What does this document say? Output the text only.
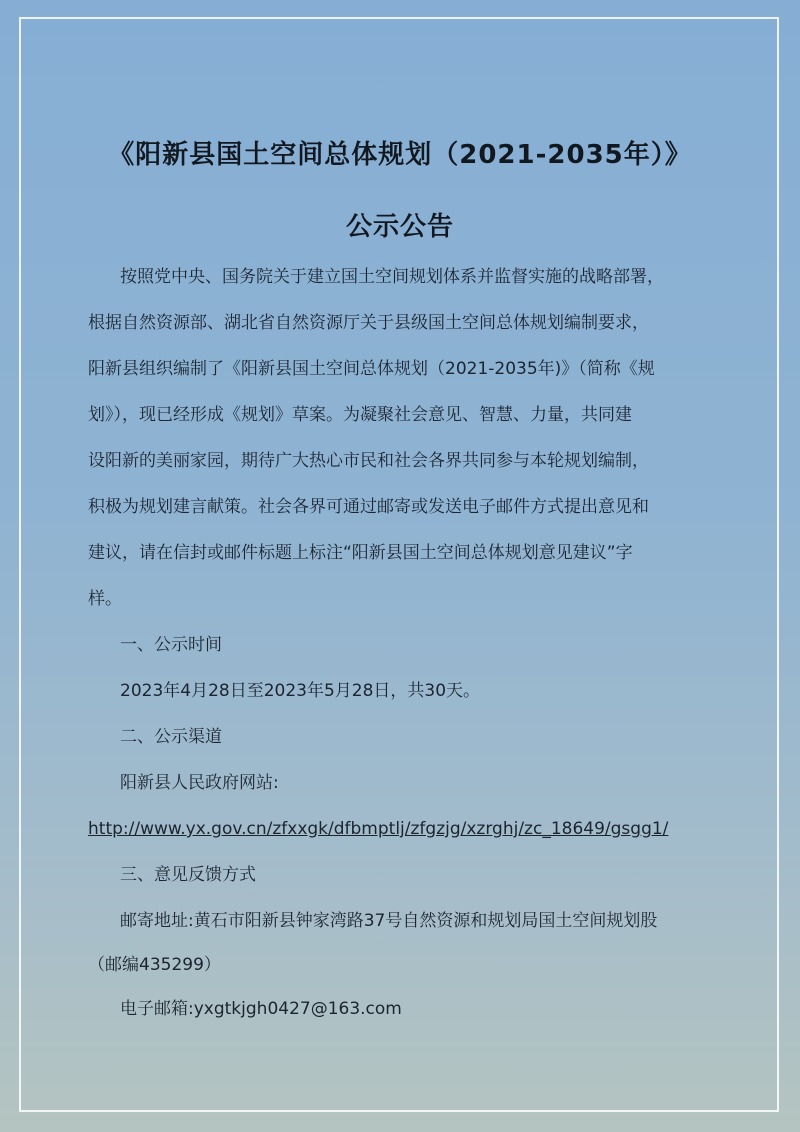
《阳新县国土空间总体规划（2021-2035年）》
公示公告

按照党中央、国务院关于建立国土空间规划体系并监督实施的战略部署，

根据自然资源部、湖北省自然资源厅关于县级国土空间总体规划编制要求，

阳新县组织编制了《阳新县国土空间总体规划（2021-2035年)》（简称《规

划》），现已经形成《规划》草案。为凝聚社会意见、智慧、力量，共同建

设阳新的美丽家园，期待广大热心市民和社会各界共同参与本轮规划编制，

积极为规划建言献策。社会各界可通过邮寄或发送电子邮件方式提出意见和

建议，请在信封或邮件标题上标注“阳新县国土空间总体规划意见建议”字

样。

一、公示时间

2023年4月28日至2023年5月28日，共30天。

二、公示渠道

阳新县人民政府网站:

http://www.yx.gov.cn/zfxxgk/dfbmptlj/zfgzjg/xzrghj/zc_18649/gsgg1/

三、意见反馈方式

邮寄地址:黄石市阳新县钟家湾路37号自然资源和规划局国土空间规划股

（邮编435299）

电子邮箱:yxgtkjgh0427@163.com
